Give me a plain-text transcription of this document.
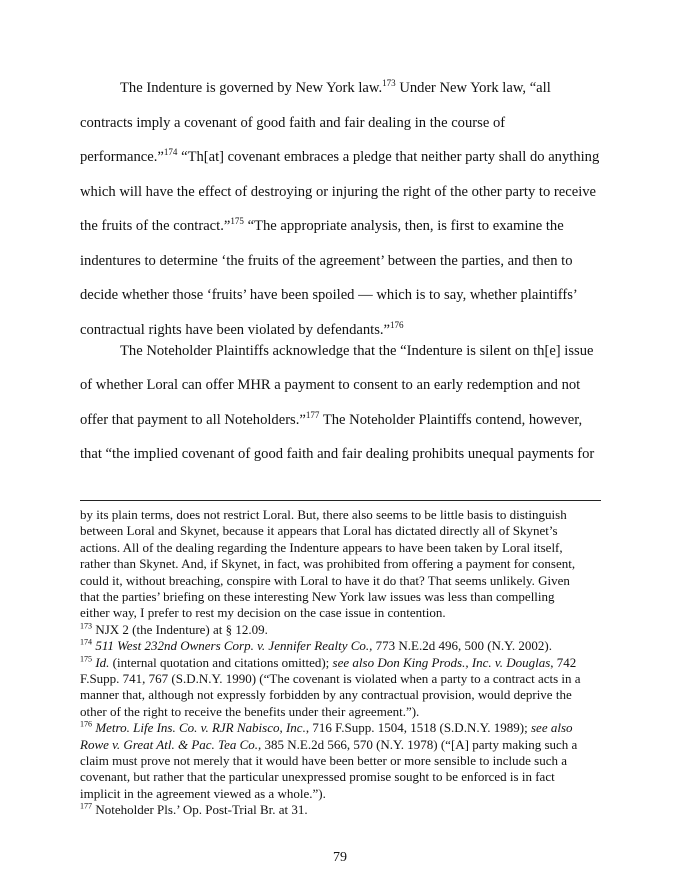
The Indenture is governed by New York law.$^{173}$ Under New York law, “all
contracts imply a covenant of good faith and fair dealing in the course of
performance.”$^{174}$ “Th[at] covenant embraces a pledge that neither party shall do anything
which will have the effect of destroying or injuring the right of the other party to receive
the fruits of the contract.”$^{175}$ “The appropriate analysis, then, is first to examine the
indentures to determine ‘the fruits of the agreement’ between the parties, and then to
decide whether those ‘fruits’ have been spoiled — which is to say, whether plaintiffs’
contractual rights have been violated by defendants.”$^{176}$
The Noteholder Plaintiffs acknowledge that the “Indenture is silent on th[e] issue
of whether Loral can offer MHR a payment to consent to an early redemption and not
offer that payment to all Noteholders.”$^{177}$ The Noteholder Plaintiffs contend, however,
that “the implied covenant of good faith and fair dealing prohibits unequal payments for
by its plain terms, does not restrict Loral. But, there also seems to be little basis to distinguish
between Loral and Skynet, because it appears that Loral has dictated directly all of Skynet’s
actions. All of the dealing regarding the Indenture appears to have been taken by Loral itself,
rather than Skynet. And, if Skynet, in fact, was prohibited from offering a payment for consent,
could it, without breaching, conspire with Loral to have it do that? That seems unlikely. Given
that the parties’ briefing on these interesting New York law issues was less than compelling
either way, I prefer to rest my decision on the case issue in contention.
$^{173}$ NJX 2 (the Indenture) at § 12.09.
$^{174}$ 511 West 232nd Owners Corp. v. Jennifer Realty Co., 773 N.E.2d 496, 500 (N.Y. 2002).
$^{175}$ Id. (internal quotation and citations omitted); see also Don King Prods., Inc. v. Douglas, 742
F.Supp. 741, 767 (S.D.N.Y. 1990) (“The covenant is violated when a party to a contract acts in a
manner that, although not expressly forbidden by any contractual provision, would deprive the
other of the right to receive the benefits under their agreement.”).
$^{176}$ Metro. Life Ins. Co. v. RJR Nabisco, Inc., 716 F.Supp. 1504, 1518 (S.D.N.Y. 1989); see also
Rowe v. Great Atl. & Pac. Tea Co., 385 N.E.2d 566, 570 (N.Y. 1978) (“[A] party making such a
claim must prove not merely that it would have been better or more sensible to include such a
covenant, but rather that the particular unexpressed promise sought to be enforced is in fact
implicit in the agreement viewed as a whole.”).
$^{177}$ Noteholder Pls.’ Op. Post-Trial Br. at 31.
79
